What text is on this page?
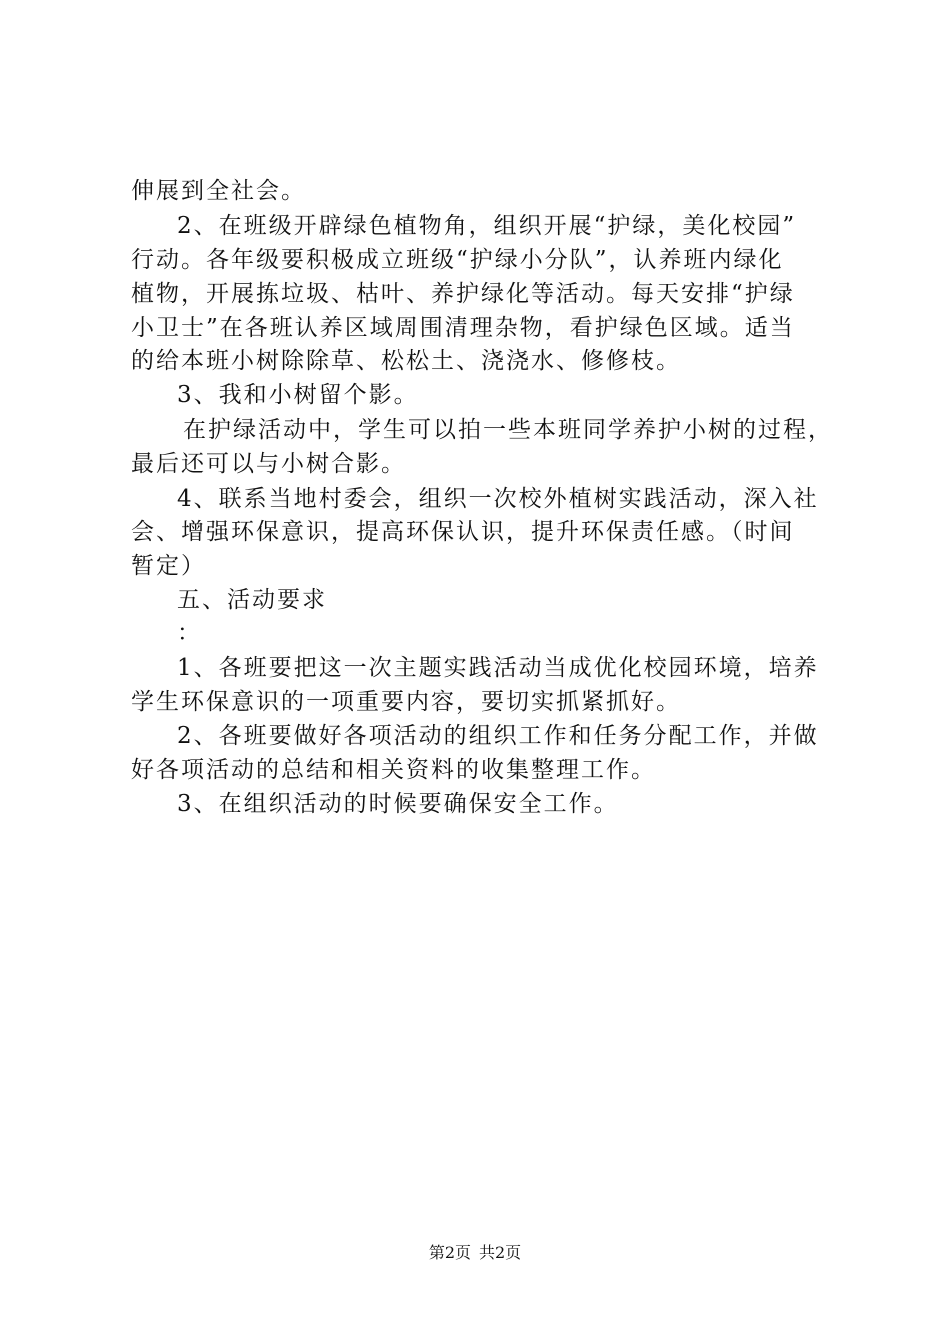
伸展到全社会。
2、在班级开辟绿色植物角，组织开展“护绿，美化校园”
行动。各年级要积极成立班级“护绿小分队”，认养班内绿化
植物，开展拣垃圾、枯叶、养护绿化等活动。每天安排“护绿
小卫士”在各班认养区域周围清理杂物，看护绿色区域。适当
的给本班小树除除草、松松土、浇浇水、修修枝。
3、我和小树留个影。
在护绿活动中，学生可以拍一些本班同学养护小树的过程，
最后还可以与小树合影。
4、联系当地村委会，组织一次校外植树实践活动，深入社
会、增强环保意识，提高环保认识，提升环保责任感。（时间
暂定）
五、活动要求
：
1、各班要把这一次主题实践活动当成优化校园环境，培养
学生环保意识的一项重要内容，要切实抓紧抓好。
2、各班要做好各项活动的组织工作和任务分配工作，并做
好各项活动的总结和相关资料的收集整理工作。
3、在组织活动的时候要确保安全工作。
第2页 共2页
